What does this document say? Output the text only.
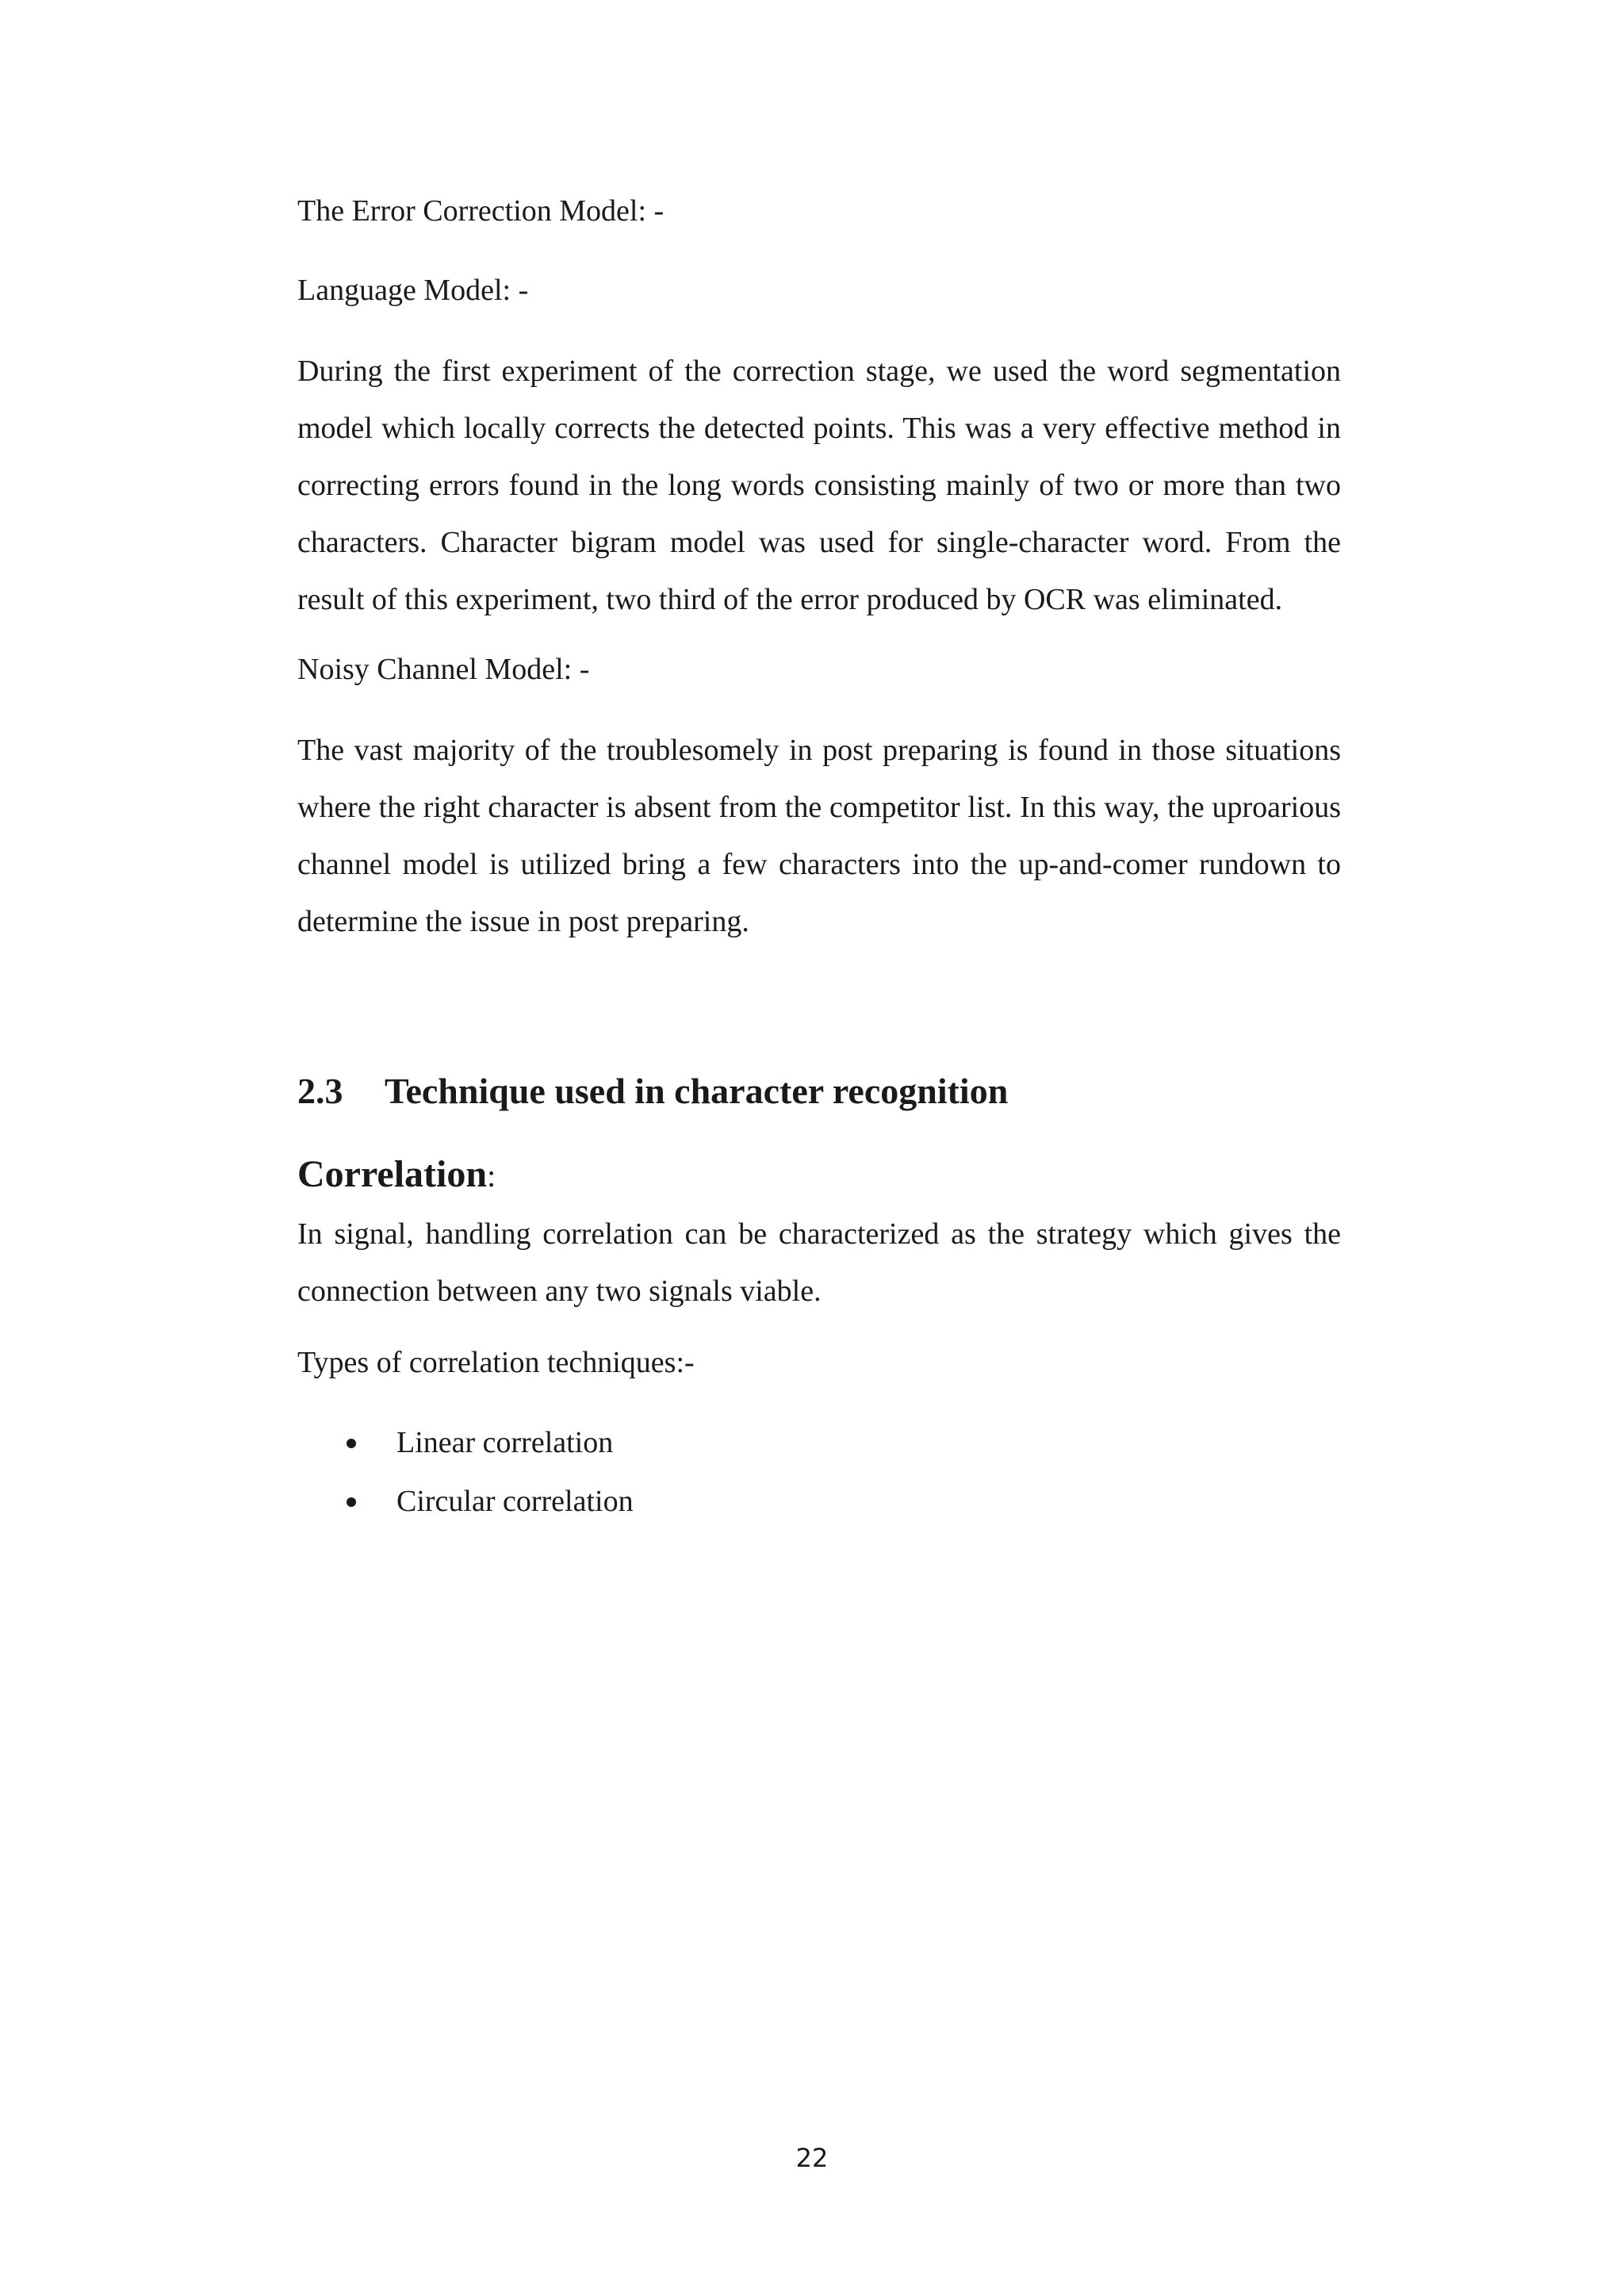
The Error Correction Model: -

Language Model: -

During the first experiment of the correction stage, we used the word segmentation model which locally corrects the detected points. This was a very effective method in correcting errors found in the long words consisting mainly of two or more than two characters. Character bigram model was used for single-character word. From the result of this experiment, two third of the error produced by OCR was eliminated.

Noisy Channel Model: -

The vast majority of the troublesomely in post preparing is found in those situations where the right character is absent from the competitor list. In this way, the uproarious channel model is utilized bring a few characters into the up-and-comer rundown to determine the issue in post preparing.

2.3 Technique used in character recognition
Correlation:

In signal, handling correlation can be characterized as the strategy which gives the connection between any two signals viable.

Types of correlation techniques:-

Linear correlation
Circular correlation
22
